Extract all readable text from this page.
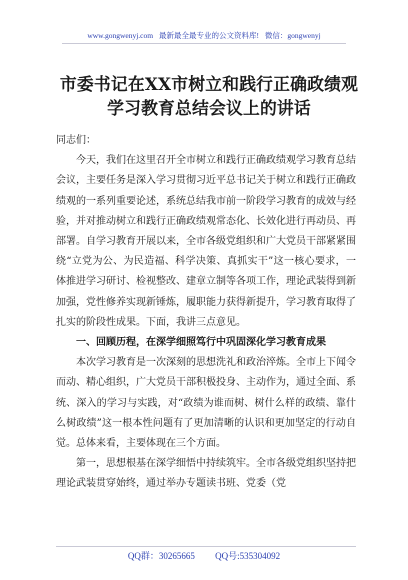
www.gongwenyj.com 最新最全最专业的公文资料库! 微信：gongwenyj
市委书记在XX市树立和践行正确政绩观
学习教育总结会议上的讲话

同志们：

今天，我们在这里召开全市树立和践行正确政绩观学习教育总结会议，主要任务是深入学习贯彻习近平总书记关于树立和践行正确政绩观的一系列重要论述，系统总结我市前一阶段学习教育的成效与经验，并对推动树立和践行正确政绩观常态化、长效化进行再动员、再部署。自学习教育开展以来，全市各级党组织和广大党员干部紧紧围绕“立党为公、为民造福、科学决策、真抓实干”这一核心要求，一体推进学习研讨、检视整改、建章立制等各项工作，理论武装得到新加强，党性修养实现新锤炼，履职能力获得新提升，学习教育取得了扎实的阶段性成果。下面，我讲三点意见。

一、回顾历程，在深学细照笃行中巩固深化学习教育成果

本次学习教育是一次深刻的思想洗礼和政治淬炼。全市上下闻令而动、精心组织，广大党员干部积极投身、主动作为，通过全面、系统、深入的学习与实践，对“政绩为谁而树、树什么样的政绩、靠什么树政绩”这一根本性问题有了更加清晰的认识和更加坚定的行动自觉。总体来看，主要体现在三个方面。

第一，思想根基在深学细悟中持续筑牢。全市各级党组织坚持把理论武装贯穿始终，通过举办专题读书班、党委（党

QQ群：30265665 QQ号:535304092
